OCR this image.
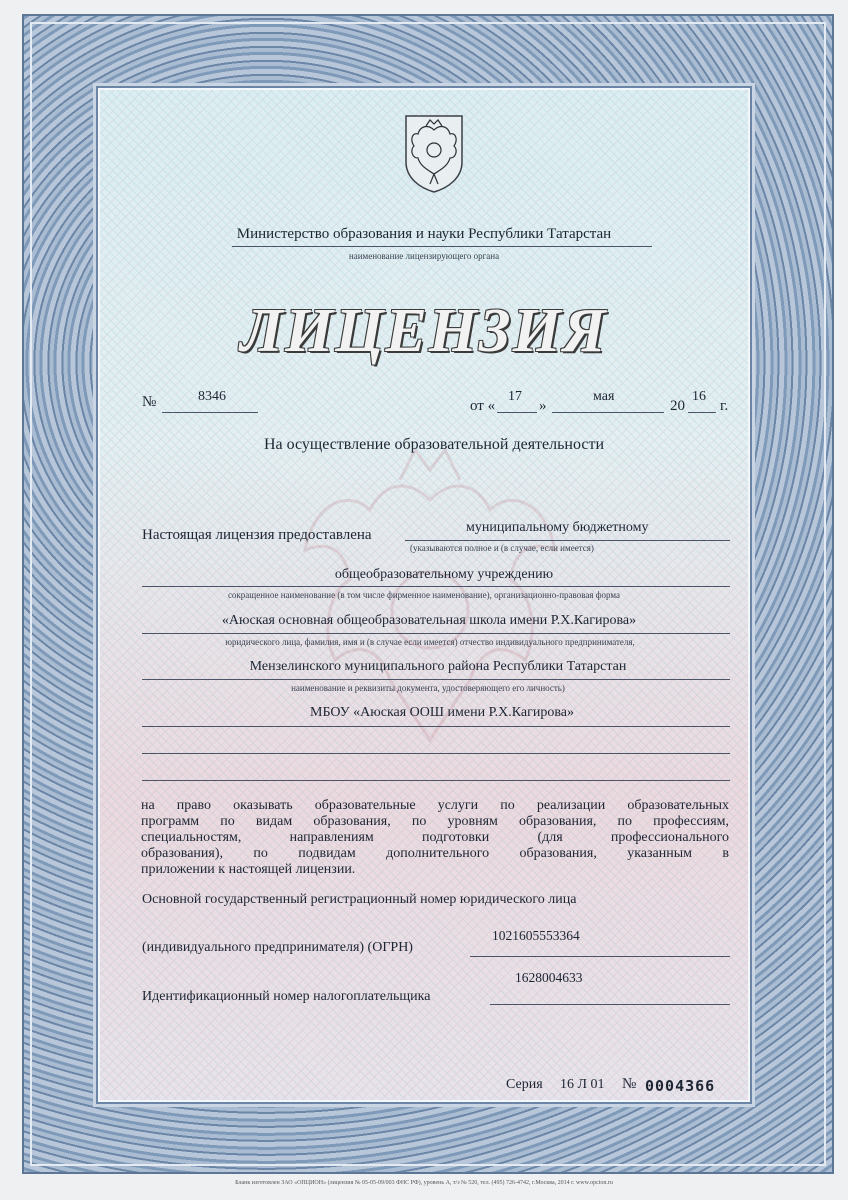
Министерство образования и науки Республики Татарстан
наименование лицензирующего органа
ЛИЦЕНЗИЯ
№	8346
от «
17
»
мая
20
16
г.
На осуществление образовательной деятельности
Настоящая лицензия предоставлена	муниципальному бюджетному
(указываются полное и (в случае, если имеется)
общеобразовательному учреждению
сокращенное наименование (в том числе фирменное наименование), организационно-правовая форма
«Аюская основная общеобразовательная школа имени Р.Х.Кагирова»
юридического лица, фамилия, имя и (в случае если имеется) отчество индивидуального предпринимателя,
Мензелинского муниципального района Республики Татарстан
наименование и реквизиты документа, удостоверяющего его личность)
МБОУ «Аюская ООШ имени Р.Х.Кагирова»
на право оказывать образовательные услуги по реализации образовательных
программ по видам образования, по уровням образования, по профессиям,
специальностям, направлениям подготовки (для профессионального
образования), по подвидам дополнительного образования, указанным в
приложении к настоящей лицензии.
Основной государственный регистрационный номер юридического лица
(индивидуального предпринимателя) (ОГРН)
1021605553364
1628004633
Идентификационный номер налогоплательщика
Серия 16 Л 01 № 0004366
Бланк изготовлен ЗАО «ОПЦИОН» (лицензия № 05-05-09/003 ФНС РФ), уровень А, т/з № 520, тел. (495) 726-4742, г.Москва, 2014 г. www.opcion.ru
